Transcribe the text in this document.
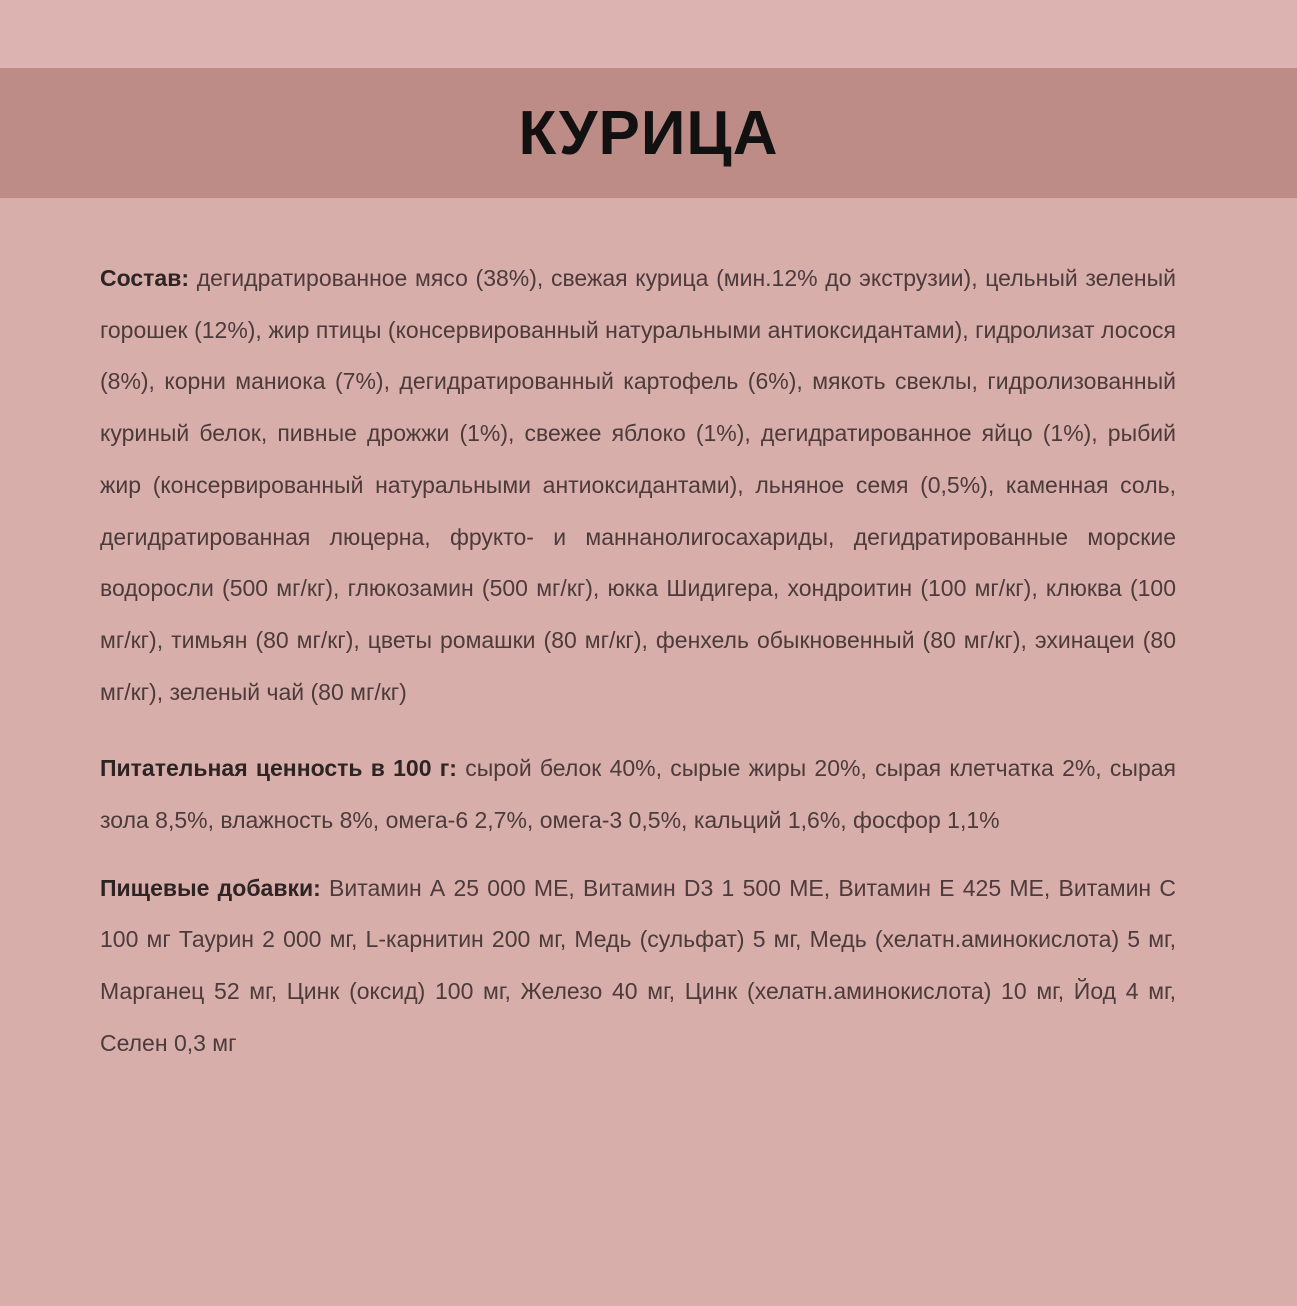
КУРИЦА

Состав: дегидратированное мясо (38%), свежая курица (мин.12% до экструзии), цельный зеленый горошек (12%), жир птицы (консервированный натуральными антиоксидантами), гидролизат лосося (8%), корни маниока (7%), дегидратированный картофель (6%), мякоть свеклы, гидролизованный куриный белок, пивные дрожжи (1%), свежее яблоко (1%), дегидратированное яйцо (1%), рыбий жир (консервированный натуральными антиоксидантами), льняное семя (0,5%), каменная соль, дегидратированная люцерна, фрукто- и маннанолигосахариды, дегидратированные морские водоросли (500 мг/кг), глюкозамин (500 мг/кг), юкка Шидигера, хондроитин (100 мг/кг), клюква (100 мг/кг), тимьян (80 мг/кг), цветы ромашки (80 мг/кг), фенхель обыкновенный (80 мг/кг), эхинацеи (80 мг/кг), зеленый чай (80 мг/кг)

Питательная ценность в 100 г: сырой белок 40%, сырые жиры 20%, сырая клетчатка 2%, сырая зола 8,5%, влажность 8%, омега-6 2,7%, омега-3 0,5%, кальций 1,6%, фосфор 1,1%

Пищевые добавки: Витамин А 25 000 МЕ, Витамин D3 1 500 МЕ, Витамин Е 425 МЕ, Витамин С 100 мг Таурин 2 000 мг, L-карнитин 200 мг, Медь (сульфат) 5 мг, Медь (хелатн.аминокислота) 5 мг, Марганец 52 мг, Цинк (оксид) 100 мг, Железо 40 мг, Цинк (хелатн.аминокислота) 10 мг, Йод 4 мг, Селен 0,3 мг
